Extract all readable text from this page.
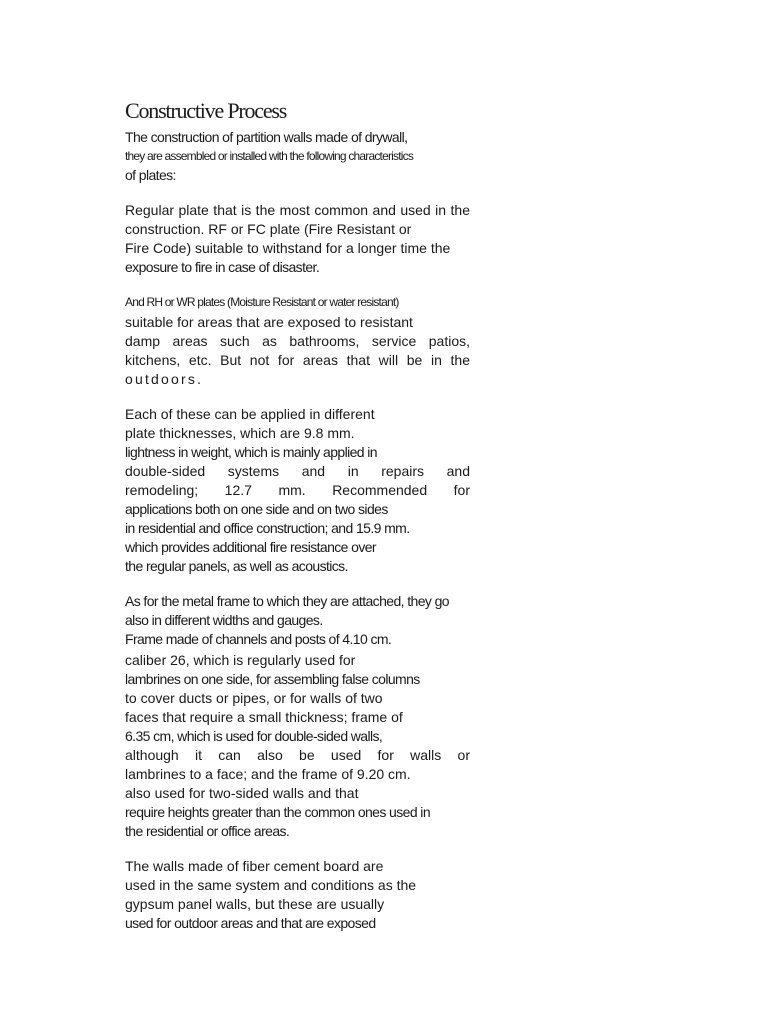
Constructive Process

The construction of partition walls made of drywall,

they are assembled or installed with the following characteristics

of plates:

Regular plate that is the most common and used in the

construction. RF or FC plate (Fire Resistant or

Fire Code) suitable to withstand for a longer time the

exposure to fire in case of disaster.

And RH or WR plates (Moisture Resistant or water resistant)

suitable for areas that are exposed to resistant

damp areas such as bathrooms, service patios,

kitchens, etc. But not for areas that will be in the

outdoors.

Each of these can be applied in different

plate thicknesses, which are 9.8 mm.

lightness in weight, which is mainly applied in

double-sided systems and in repairs and

remodeling; 12.7 mm. Recommended for

applications both on one side and on two sides

in residential and office construction; and 15.9 mm.

which provides additional fire resistance over

the regular panels, as well as acoustics.

As for the metal frame to which they are attached, they go

also in different widths and gauges.

Frame made of channels and posts of 4.10 cm.

caliber 26, which is regularly used for

lambrines on one side, for assembling false columns

to cover ducts or pipes, or for walls of two

faces that require a small thickness; frame of

6.35 cm, which is used for double-sided walls,

although it can also be used for walls or

lambrines to a face; and the frame of 9.20 cm.

also used for two-sided walls and that

require heights greater than the common ones used in

the residential or office areas.

The walls made of fiber cement board are

used in the same system and conditions as the

gypsum panel walls, but these are usually

used for outdoor areas and that are exposed
